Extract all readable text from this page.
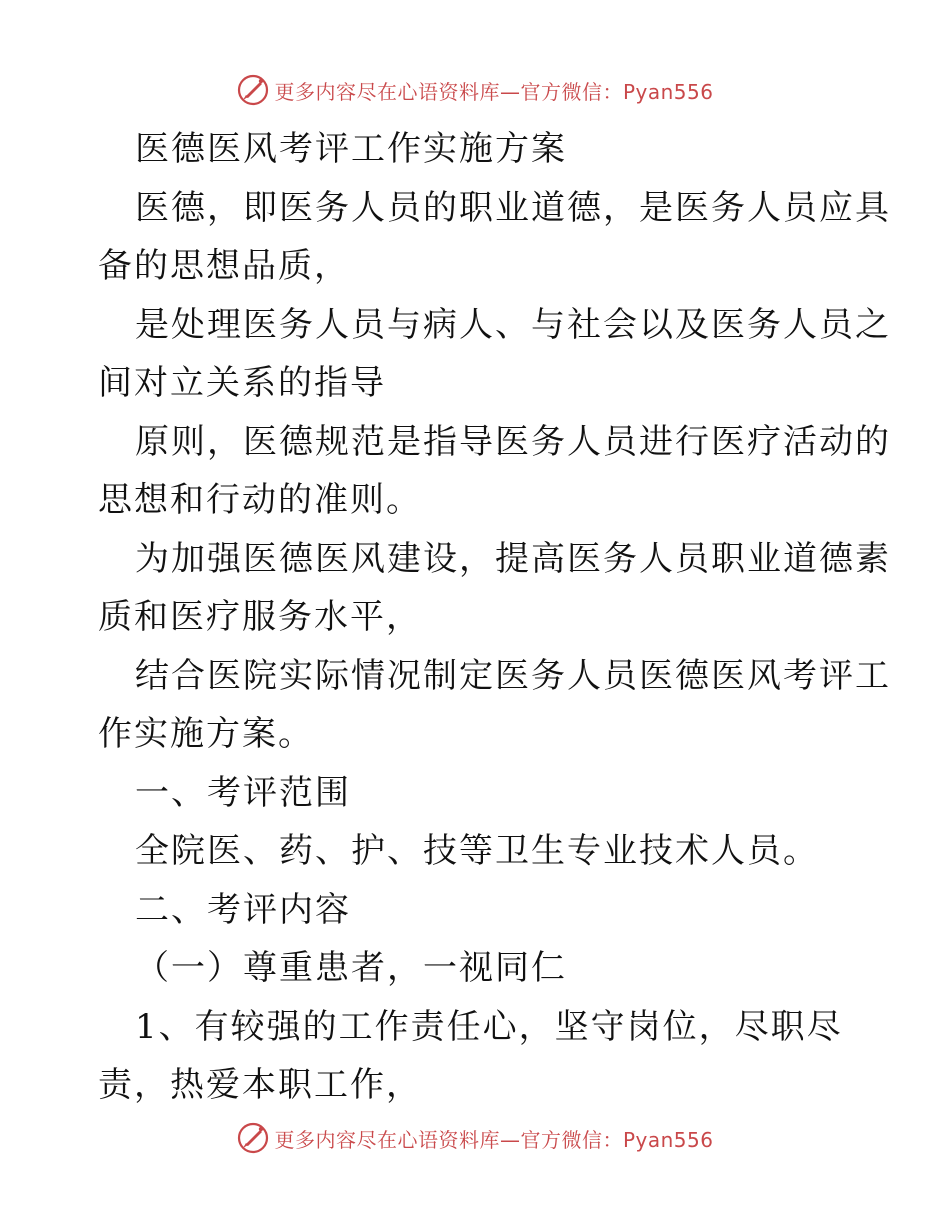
更多内容尽在心语资料库—官方微信：Pyan556
医德医风考评工作实施方案
医德，即医务人员的职业道德，是医务人员应具
备的思想品质，
是处理医务人员与病人、与社会以及医务人员之
间对立关系的指导
原则，医德规范是指导医务人员进行医疗活动的
思想和行动的准则。
为加强医德医风建设，提高医务人员职业道德素
质和医疗服务水平，
结合医院实际情况制定医务人员医德医风考评工
作实施方案。
一、考评范围
全院医、药、护、技等卫生专业技术人员。
二、考评内容
（一）尊重患者，一视同仁
1、有较强的工作责任心，坚守岗位，尽职尽
责，热爱本职工作，
更多内容尽在心语资料库—官方微信：Pyan556
